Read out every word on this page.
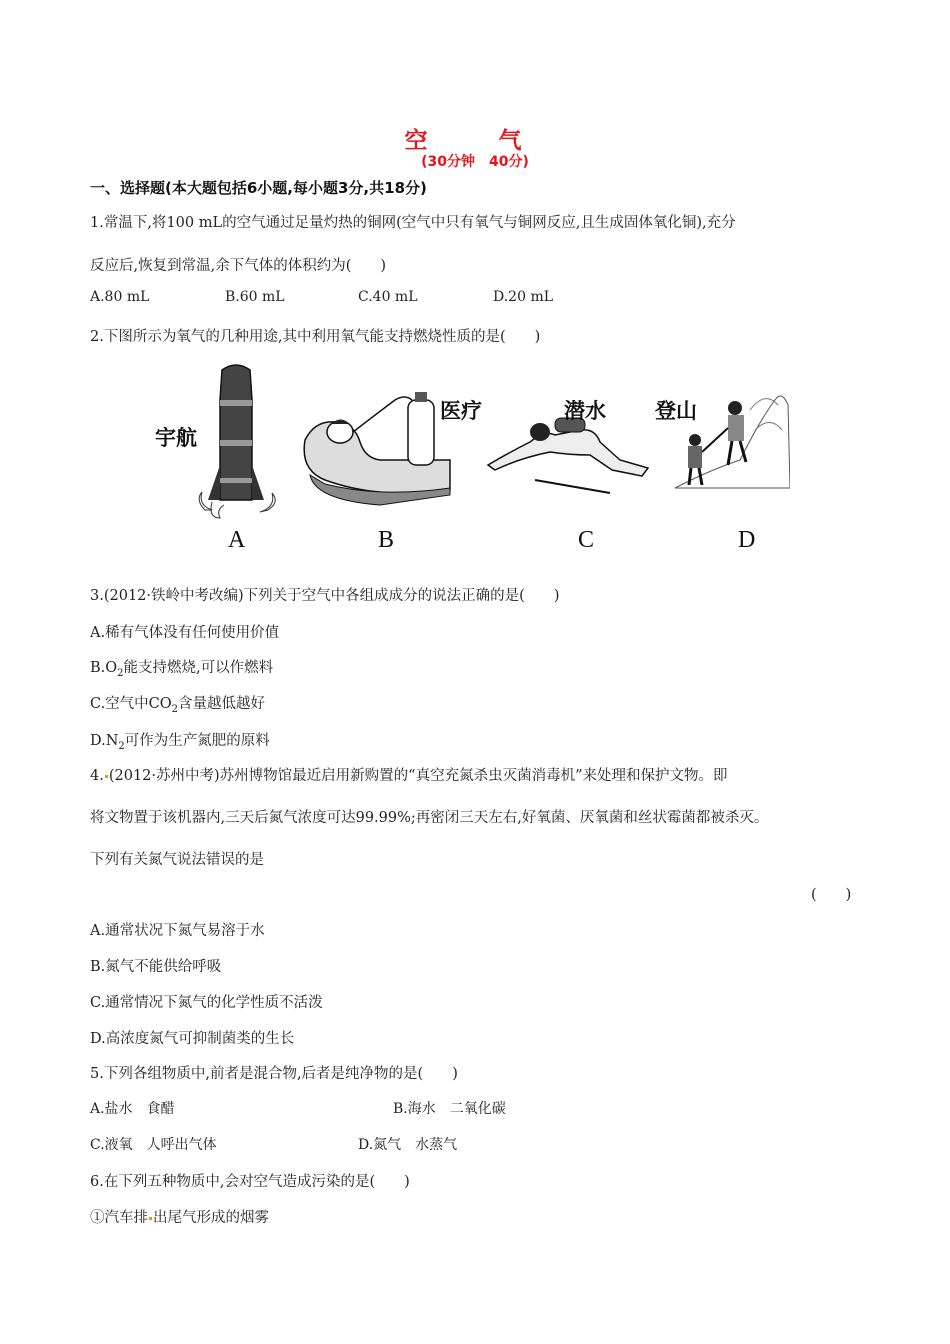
空　气
(30分钟　40分)
一、选择题(本大题包括6小题,每小题3分,共18分)
1.常温下,将100 mL的空气通过足量灼热的铜网(空气中只有氧气与铜网反应,且生成固体氧化铜),充分
反应后,恢复到常温,余下气体的体积约为(　　)
A.80 mL	B.60 mL	C.40 mL	D.20 mL
2.下图所示为氧气的几种用途,其中利用氧气能支持燃烧性质的是(　　)
宇航
A
医疗
B
潜水
C
登山
D
3.(2012·铁岭中考改编)下列关于空气中各组成成分的说法正确的是(　　)
A.稀有气体没有任何使用价值
$B.O_2$能支持燃烧,可以作燃料
C.空气中$CO_2$含量越低越好
$D.N_2$可作为生产氮肥的原料
4. (2012·苏州中考)苏州博物馆最近启用新购置的“真空充氮杀虫灭菌消毒机”来处理和保护文物。即
将文物置于该机器内,三天后氮气浓度可达99.99%;再密闭三天左右,好氧菌、厌氧菌和丝状霉菌都被杀灭。
下列有关氮气说法错误的是
(　　)
A.通常状况下氮气易溶于水
B.氮气不能供给呼吸
C.通常情况下氮气的化学性质不活泼
D.高浓度氮气可抑制菌类的生长
5.下列各组物质中,前者是混合物,后者是纯净物的是(　　)
A.盐水　食醋	B.海水　二氧化碳
C.液氧　人呼出气体	D.氮气　水蒸气
6.在下列五种物质中,会对空气造成污染的是(　　)
①汽车排 出尾气形成的烟雾
